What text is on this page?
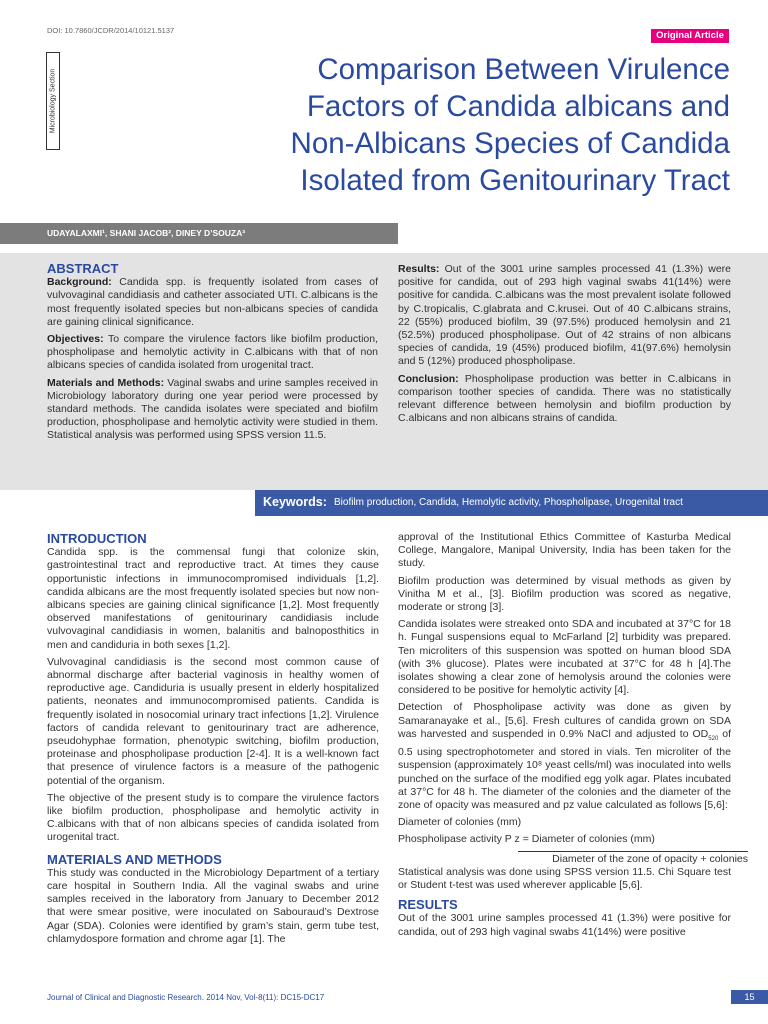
DOI: 10.7860/JCDR/2014/10121.5137	Original Article
Microbiology Section	Comparison Between Virulence
Factors of Candida albicans and
Non-Albicans Species of Candida
Isolated from Genitourinary Tract
UDAYALAXMI¹, SHANI JACOB², DINEY D’SOUZA³
ABSTRACT

Background: Candida spp. is frequently isolated from cases of vulvovaginal candidiasis and catheter associated UTI. C.albicans is the most frequently isolated species but non-albicans species of candida are gaining clinical significance.

Objectives: To compare the virulence factors like biofilm production, phospholipase and hemolytic activity in C.albicans with that of non albicans species of candida isolated from urogenital tract.

Materials and Methods: Vaginal swabs and urine samples received in Microbiology laboratory during one year period were processed by standard methods. The candida isolates were speciated and biofilm production, phospholipase and hemolytic activity were studied in them. Statistical analysis was performed using SPSS version 11.5.

Results: Out of the 3001 urine samples processed 41 (1.3%) were positive for candida, out of 293 high vaginal swabs 41(14%) were positive for candida. C.albicans was the most prevalent isolate followed by C.tropicalis, C.glabrata and C.krusei. Out of 40 C.albicans strains, 22 (55%) produced biofilm, 39 (97.5%) produced hemolysin and 21 (52.5%) produced phospholipase. Out of 42 strains of non albicans species of candida, 19 (45%) produced biofilm, 41(97.6%) hemolysin and 5 (12%) produced phospholipase.

Conclusion: Phospholipase production was better in C.albicans in comparison toother species of candida. There was no statistically relevant difference between hemolysin and biofilm production by C.albicans and non albicans strains of candida.

Keywords: Biofilm production, Candida, Hemolytic activity, Phospholipase, Urogenital tract
INTRODUCTION

Candida spp. is the commensal fungi that colonize skin, gastrointestinal tract and reproductive tract. At times they cause opportunistic infections in immunocompromised individuals [1,2]. candida albicans are the most frequently isolated species but now non- albicans species are gaining clinical significance [1,2]. Most frequently observed manifestations of genitourinary candidiasis include vulvovaginal candidiasis in women, balanitis and balnoposthitics in men and candiduria in both sexes [1,2].

Vulvovaginal candidiasis is the second most common cause of abnormal discharge after bacterial vaginosis in healthy women of reproductive age. Candiduria is usually present in elderly hospitalized patients, neonates and immunocompromised patients. Candida is frequently isolated in nosocomial urinary tract infections [1,2]. Virulence factors of candida relevant to genitourinary tract are adherence, pseudohyphae formation, phenotypic switching, biofilm production, proteinase and phospholipase production [2-4]. It is a well-known fact that presence of virulence factors is a measure of the pathogenic potential of the organism.

The objective of the present study is to compare the virulence factors like biofilm production, phospholipase and hemolytic activity in C.albicans with that of non albicans species of candida isolated from urogenital tract.

MATERIALS AND METHODS

This study was conducted in the Microbiology Department of a tertiary care hospital in Southern India. All the vaginal swabs and urine samples received in the laboratory from January to December 2012 that were smear positive, were inoculated on Sabouraud’s Dextrose Agar (SDA). Colonies were identified by gram’s stain, germ tube test, chlamydospore formation and chrome agar [1]. The

approval of the Institutional Ethics Committee of Kasturba Medical College, Mangalore, Manipal University, India has been taken for the study.

Biofilm production was determined by visual methods as given by Vinitha M et al., [3]. Biofilm production was scored as negative, moderate or strong [3].

Candida isolates were streaked onto SDA and incubated at 37°C for 18 h. Fungal suspensions equal to McFarland [2] turbidity was prepared. Ten microliters of this suspension was spotted on human blood SDA (with 3% glucose). Plates were incubated at 37°C for 48 h [4].The isolates showing a clear zone of hemolysis around the colonies were considered to be positive for hemolytic activity [4].

Detection of Phospholipase activity was done as given by Samaranayake et al., [5,6]. Fresh cultures of candida grown on SDA was harvested and suspended in 0.9% NaCl and adjusted to $OD_{520}$ of 0.5 using spectrophotometer and stored in vials. Ten microliter of the suspension (approximately 10⁸ yeast cells/ml) was inoculated into wells punched on the surface of the modified egg yolk agar. Plates incubated at 37°C for 48 h. The diameter of the colonies and the diameter of the zone of opacity was measured and pz value calculated as follows [5,6]:

Diameter of colonies (mm)

Phospholipase activity P z = Diameter of colonies (mm)

Diameter of the zone of opacity + colonies

Statistical analysis was done using SPSS version 11.5. Chi Square test or Student t-test was used wherever applicable [5,6].

RESULTS

Out of the 3001 urine samples processed 41 (1.3%) were positive for candida, out of 293 high vaginal swabs 41(14%) were positive

Journal of Clinical and Diagnostic Research. 2014 Nov, Vol-8(11): DC15-DC17	15
